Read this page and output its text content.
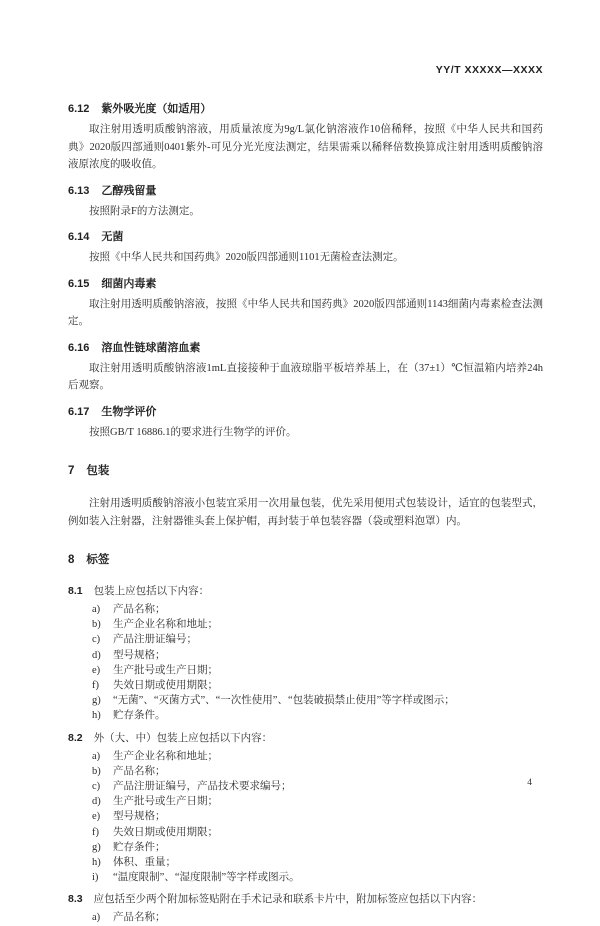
YY/T XXXXX—XXXX
6.12 紫外吸光度（如适用）
取注射用透明质酸钠溶液，用质量浓度为9g/L氯化钠溶液作10倍稀释，按照《中华人民共和国药典》2020版四部通则0401紫外-可见分光光度法测定，结果需乘以稀释倍数换算成注射用透明质酸钠溶液原浓度的吸收值。
6.13 乙醇残留量
按照附录F的方法测定。
6.14 无菌
按照《中华人民共和国药典》2020版四部通则1101无菌检查法测定。
6.15 细菌内毒素
取注射用透明质酸钠溶液，按照《中华人民共和国药典》2020版四部通则1143细菌内毒素检查法测定。
6.16 溶血性链球菌溶血素
取注射用透明质酸钠溶液1mL直接接种于血液琼脂平板培养基上，在（37±1）℃恒温箱内培养24h后观察。
6.17 生物学评价
按照GB/T 16886.1的要求进行生物学的评价。
7 包装
注射用透明质酸钠溶液小包装宜采用一次用量包装，优先采用便用式包装设计，适宜的包装型式，例如装入注射器，注射器锥头套上保护帽，再封装于单包装容器（袋或塑料泡罩）内。
8 标签
8.1 包装上应包括以下内容：
a)	产品名称；
b)	生产企业名称和地址；
c)	产品注册证编号；
d)	型号规格；
e)	生产批号或生产日期；
f)	失效日期或使用期限；
g)	“无菌”、“灭菌方式”、“一次性使用”、“包装破损禁止使用”等字样或图示；
h)	贮存条件。
8.2 外（大、中）包装上应包括以下内容：
a)	生产企业名称和地址；
b)	产品名称；
c)	产品注册证编号，产品技术要求编号；
d)	生产批号或生产日期；
e)	型号规格；
f)	失效日期或使用期限；
g)	贮存条件；
h)	体积、重量；
i)	“温度限制”、“湿度限制”等字样或图示。
8.3 应包括至少两个附加标签贴附在手术记录和联系卡片中，附加标签应包括以下内容：
a)	产品名称；
4
